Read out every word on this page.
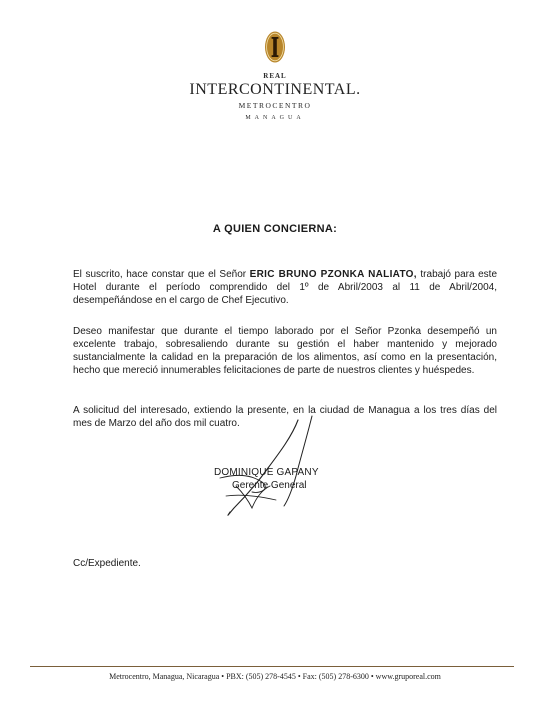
REAL
INTERCONTINENTAL.
METROCENTRO
MANAGUA
A QUIEN CONCIERNA:
El suscrito, hace constar que el Señor ERIC BRUNO PZONKA NALIATO, trabajó para este Hotel durante el período comprendido del 1º de Abril/2003 al 11 de Abril/2004, desempeñándose en el cargo de Chef Ejecutivo.
Deseo manifestar que durante el tiempo laborado por el Señor Pzonka desempeñó un excelente trabajo, sobresaliendo durante su gestión el haber mantenido y mejorado sustancialmente la calidad en la preparación de los alimentos, así como en la presentación, hecho que mereció innumerables felicitaciones de parte de nuestros clientes y huéspedes.
A solicitud del interesado, extiendo la presente, en la ciudad de Managua a los tres días del mes de Marzo del año dos mil cuatro.
DOMINIQUE GAPANY
Gerente General
Cc/Expediente.
Metrocentro, Managua, Nicaragua • PBX: (505) 278-4545 • Fax: (505) 278-6300 • www.gruporeal.com
